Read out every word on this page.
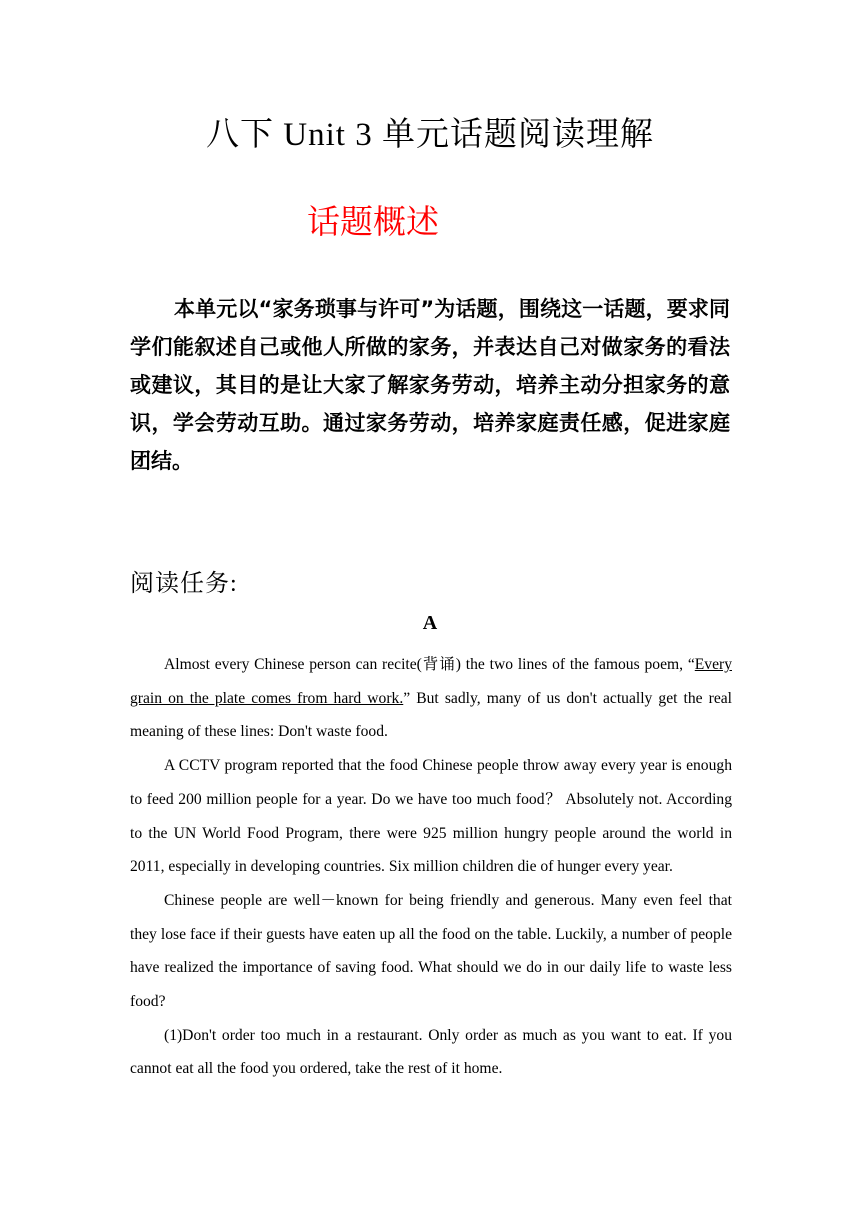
八下 Unit 3 单元话题阅读理解
话题概述
本单元以“家务琐事与许可”为话题，围绕这一话题，要求同学们能叙述自己或他人所做的家务，并表达自己对做家务的看法或建议，其目的是让大家了解家务劳动，培养主动分担家务的意识，学会劳动互助。通过家务劳动，培养家庭责任感，促进家庭团结。
阅读任务:
A

Almost every Chinese person can recite(背诵) the two lines of the famous poem, “Every grain on the plate comes from hard work.” But sadly, many of us don't actually get the real meaning of these lines: Don't waste food.

A CCTV program reported that the food Chinese people throw away every year is enough to feed 200 million people for a year. Do we have too much food？ Absolutely not. According to the UN World Food Program, there were 925 million hungry people around the world in 2011, especially in developing countries. Six million children die of hunger every year.

Chinese people are well－known for being friendly and generous. Many even feel that they lose face if their guests have eaten up all the food on the table. Luckily, a number of people have realized the importance of saving food. What should we do in our daily life to waste less food?

(1)Don't order too much in a restaurant. Only order as much as you want to eat. If you cannot eat all the food you ordered, take the rest of it home.
